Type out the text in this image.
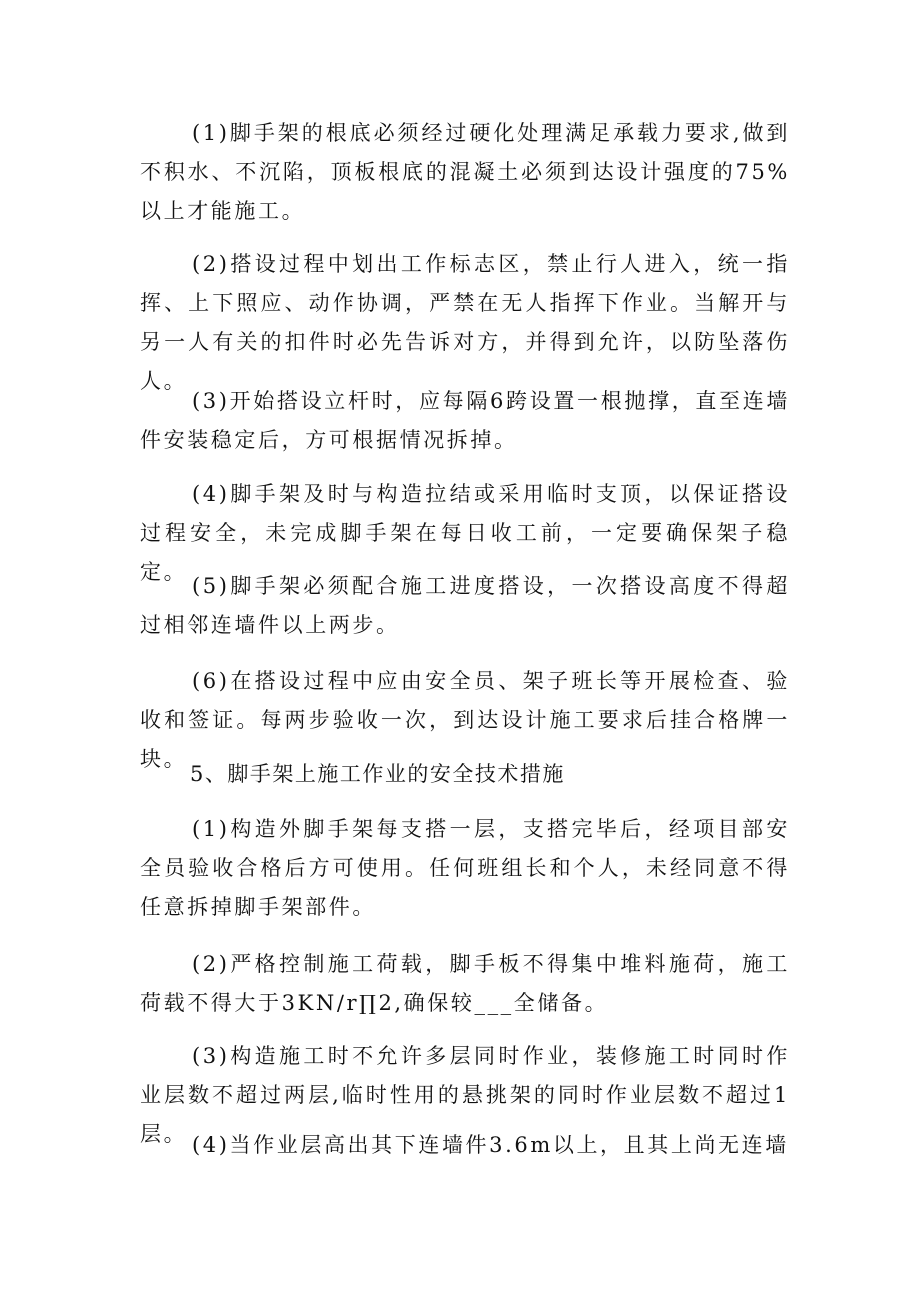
(1)脚手架的根底必须经过硬化处理满足承载力要求,做到不积水、不沉陷，顶板根底的混凝土必须到达设计强度的75%以上才能施工。

(2)搭设过程中划出工作标志区，禁止行人进入，统一指挥、上下照应、动作协调，严禁在无人指挥下作业。当解开与另一人有关的扣件时必先告诉对方，并得到允许，以防坠落伤人。

(3)开始搭设立杆时，应每隔6跨设置一根抛撑，直至连墙件安装稳定后，方可根据情况拆掉。

(4)脚手架及时与构造拉结或采用临时支顶，以保证搭设过程安全，未完成脚手架在每日收工前，一定要确保架子稳定。

(5)脚手架必须配合施工进度搭设，一次搭设高度不得超过相邻连墙件以上两步。

(6)在搭设过程中应由安全员、架子班长等开展检查、验收和签证。每两步验收一次，到达设计施工要求后挂合格牌一块。

5、脚手架上施工作业的安全技术措施

(1)构造外脚手架每支搭一层，支搭完毕后，经项目部安全员验收合格后方可使用。任何班组长和个人，未经同意不得任意拆掉脚手架部件。

(2)严格控制施工荷载，脚手板不得集中堆料施荷，施工荷载不得大于3KN∕r∏2,确保较___全储备。

(3)构造施工时不允许多层同时作业，装修施工时同时作业层数不超过两层,临时性用的悬挑架的同时作业层数不超过1层。 (4)当作业层高出其下连墙件3.6m以上，且其上尚无连墙
